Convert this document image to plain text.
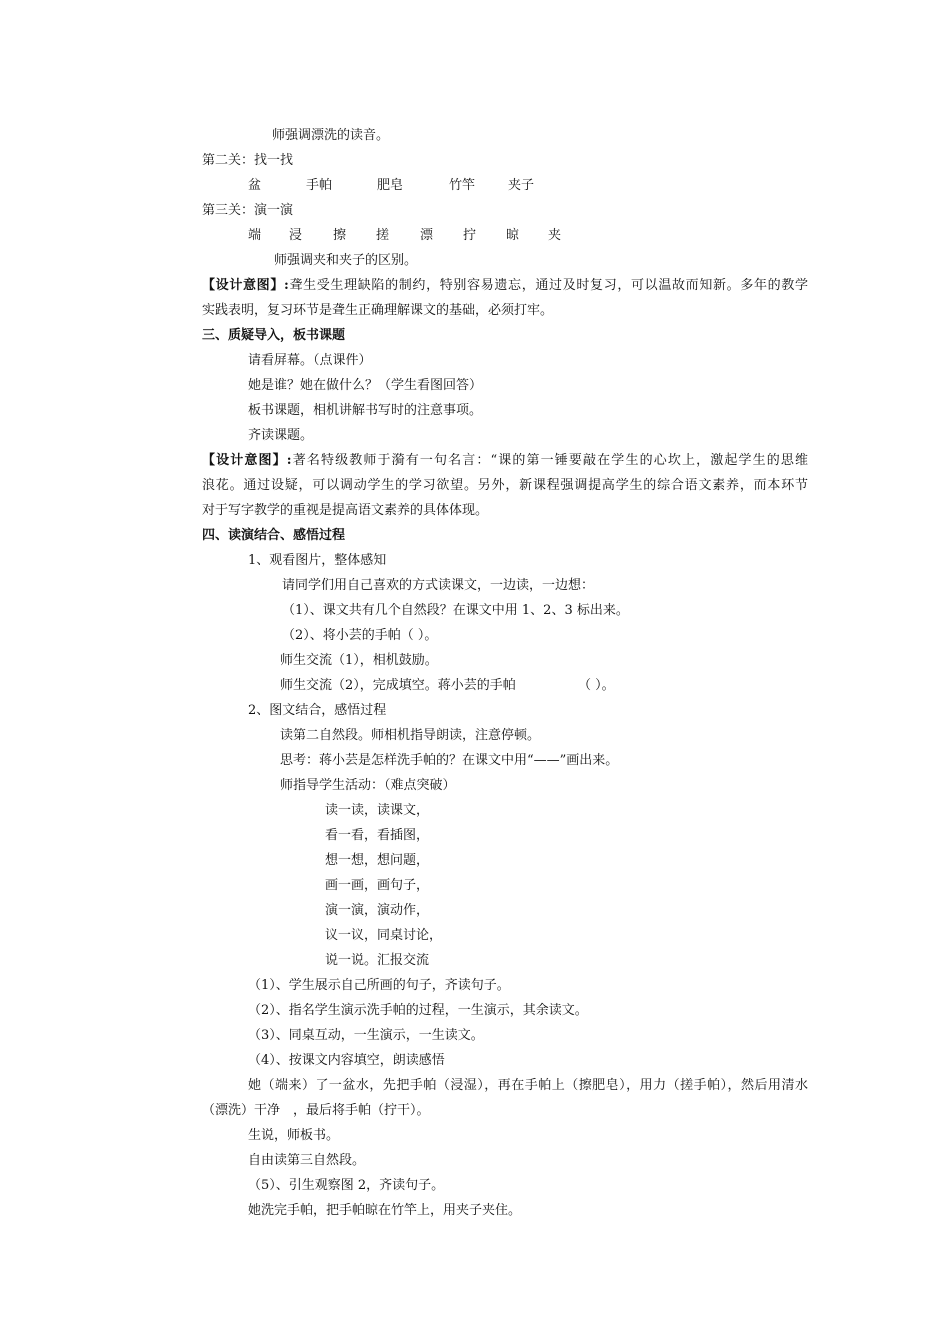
师强调漂洗的读音。
第二关：找一找
盆	手帕	肥皂	竹竿	夹子
第三关：演一演
端 浸 擦 搓 漂 拧 晾 夹
师强调夹和夹子的区别。
【设计意图】:聋生受生理缺陷的制约，特别容易遗忘，通过及时复习，可以温故而知新。多年的教学
实践表明，复习环节是聋生正确理解课文的基础，必须打牢。
三、质疑导入，板书课题
请看屏幕。（点课件）
她是谁？她在做什么？（学生看图回答）
板书课题，相机讲解书写时的注意事项。
齐读课题。
【设计意图】:著名特级教师于漪有一句名言：“课的第一锤要敲在学生的心坎上，激起学生的思维
浪花。通过设疑，可以调动学生的学习欲望。另外，新课程强调提高学生的综合语文素养，而本环节
对于写字教学的重视是提高语文素养的具体体现。
四、读演结合、感悟过程
1、观看图片，整体感知
请同学们用自己喜欢的方式读课文，一边读，一边想：
（1）、课文共有几个自然段？在课文中用 1、2、3 标出来。
（2）、将小芸的手帕（ ）。
师生交流（1），相机鼓励。
师生交流（2），完成填空。蒋小芸的手帕	（ ）。
2、图文结合，感悟过程
读第二自然段。师相机指导朗读，注意停顿。
思考：蒋小芸是怎样洗手帕的？在课文中用“——”画出来。
师指导学生活动：（难点突破）
读一读，读课文，
看一看，看插图，
想一想，想问题，
画一画，画句子，
演一演，演动作，
议一议，同桌讨论，
说一说。汇报交流
（1）、学生展示自己所画的句子，齐读句子。
（2）、指名学生演示洗手帕的过程，一生演示，其余读文。
（3）、同桌互动，一生演示，一生读文。
（4）、按课文内容填空，朗读感悟
她（端来）了一盆水，先把手帕（浸湿），再在手帕上（擦肥皂），用力（搓手帕），然后用清水
（漂洗）干净　，最后将手帕（拧干）。
生说，师板书。
自由读第三自然段。
（5）、引生观察图 2，齐读句子。
她洗完手帕，把手帕晾在竹竿上，用夹子夹住。
